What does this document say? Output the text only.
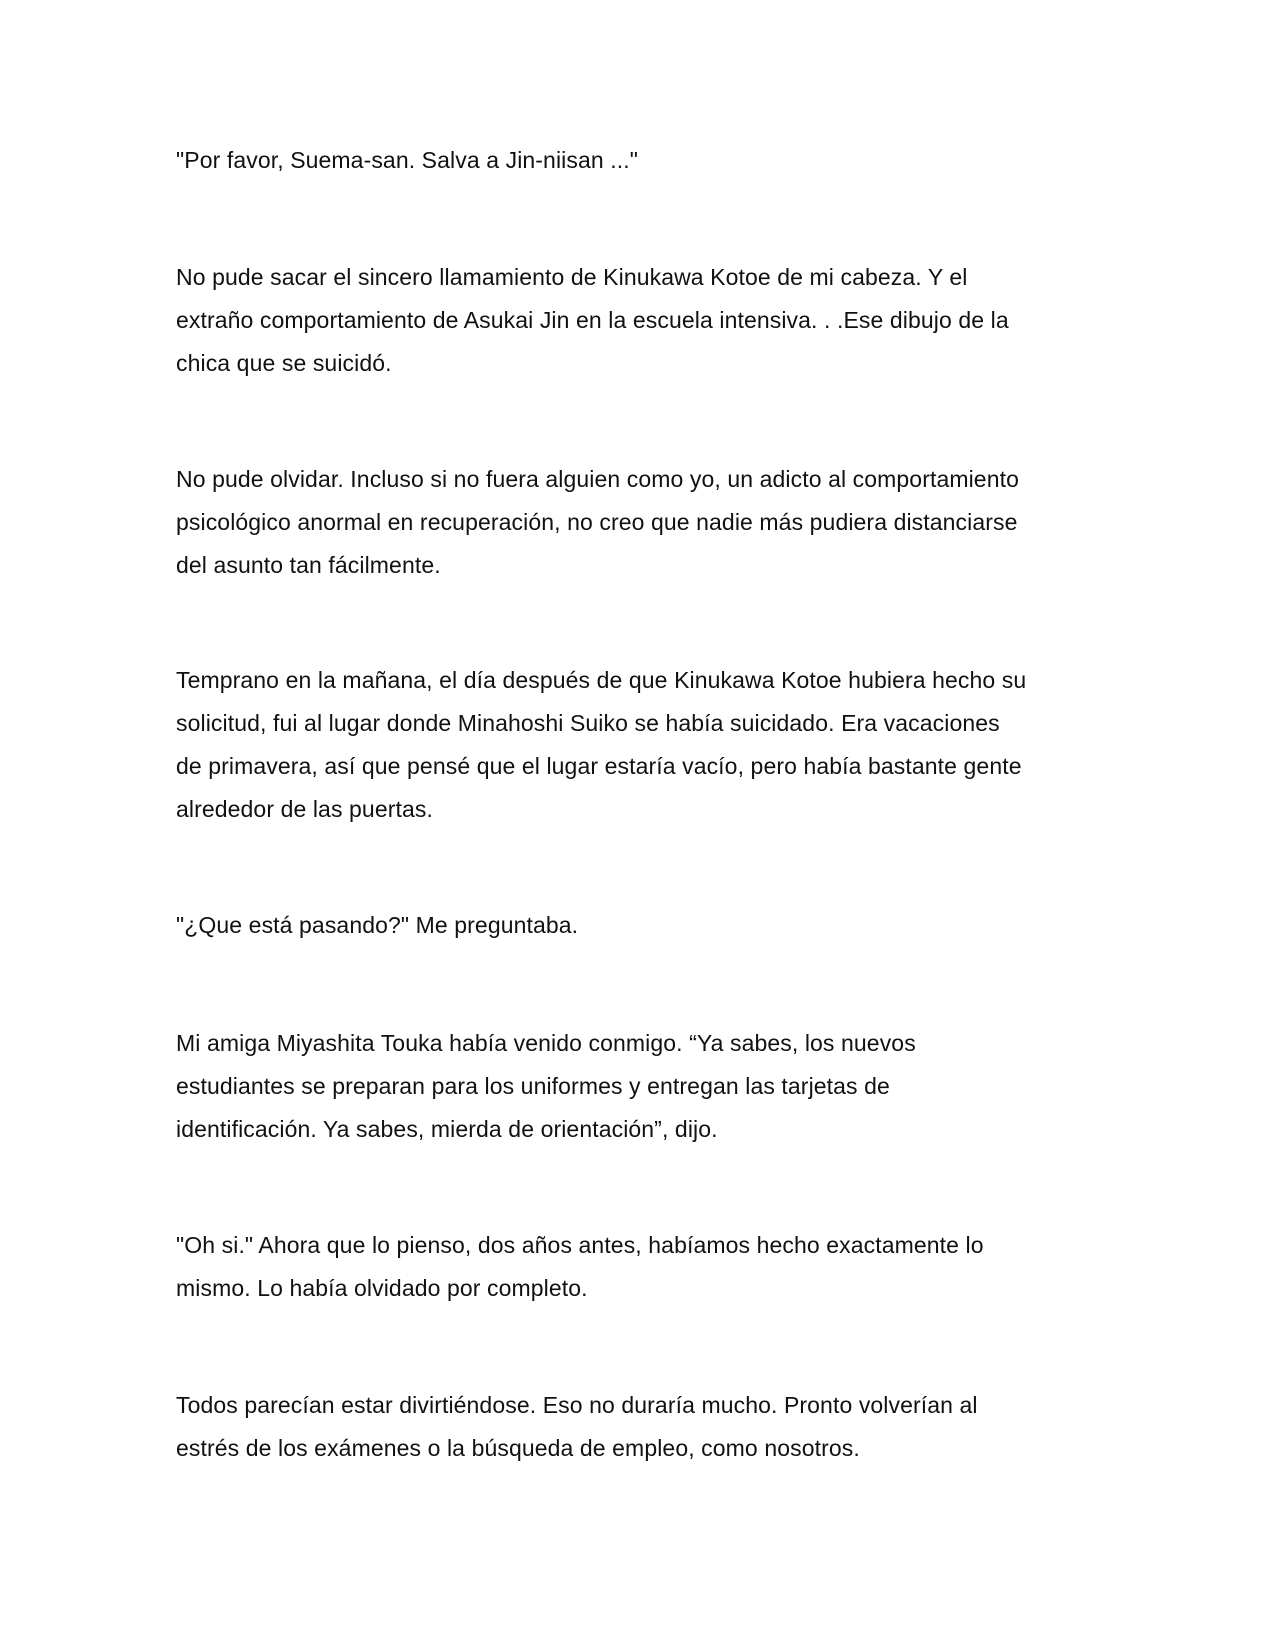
"Por favor, Suema-san. Salva a Jin-niisan ..."

No pude sacar el sincero llamamiento de Kinukawa Kotoe de mi cabeza. Y el
extraño comportamiento de Asukai Jin en la escuela intensiva. . .Ese dibujo de la
chica que se suicidó.

No pude olvidar. Incluso si no fuera alguien como yo, un adicto al comportamiento
psicológico anormal en recuperación, no creo que nadie más pudiera distanciarse
del asunto tan fácilmente.

Temprano en la mañana, el día después de que Kinukawa Kotoe hubiera hecho su
solicitud, fui al lugar donde Minahoshi Suiko se había suicidado. Era vacaciones
de primavera, así que pensé que el lugar estaría vacío, pero había bastante gente
alrededor de las puertas.

"¿Que está pasando?" Me preguntaba.

Mi amiga Miyashita Touka había venido conmigo. “Ya sabes, los nuevos
estudiantes se preparan para los uniformes y entregan las tarjetas de
identificación. Ya sabes, mierda de orientación”, dijo.

"Oh si." Ahora que lo pienso, dos años antes, habíamos hecho exactamente lo
mismo. Lo había olvidado por completo.

Todos parecían estar divirtiéndose. Eso no duraría mucho. Pronto volverían al
estrés de los exámenes o la búsqueda de empleo, como nosotros.
